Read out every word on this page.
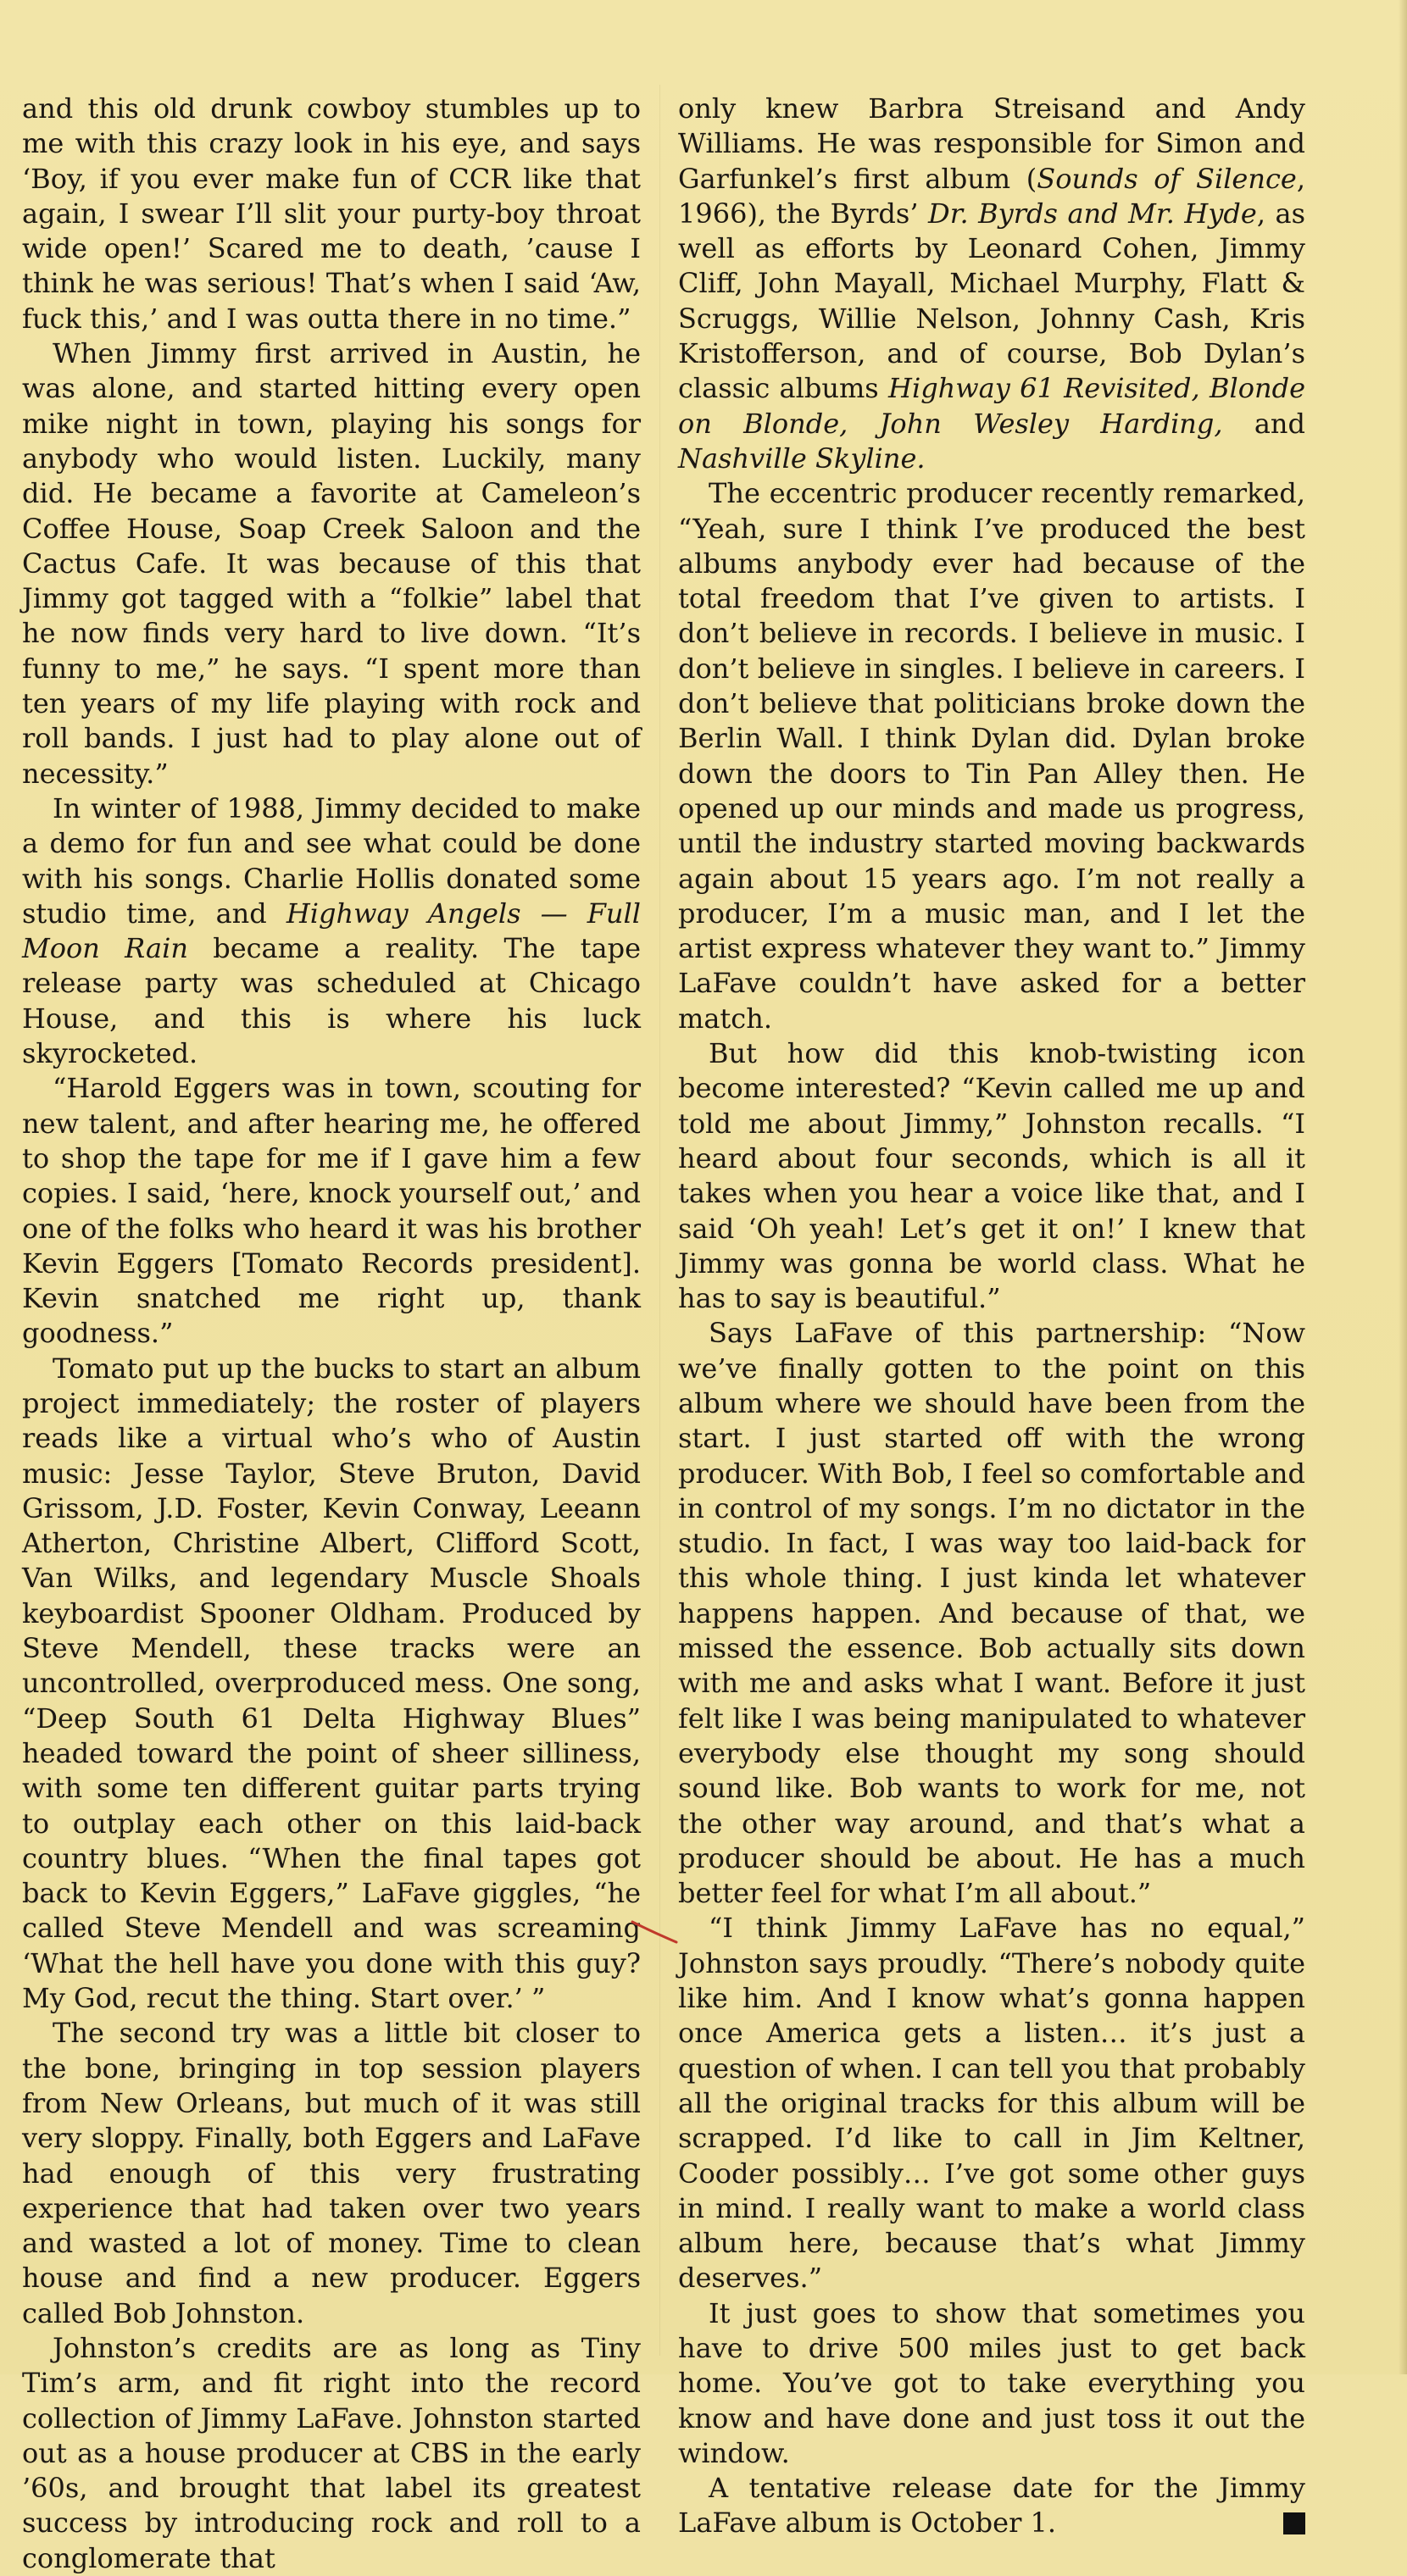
and this old drunk cowboy stumbles up to me with this crazy look in his eye, and says ‘Boy, if you ever make fun of CCR like that again, I swear I’ll slit your purty-boy throat wide open!’ Scared me to death, ’cause I think he was serious! That’s when I said ‘Aw, fuck this,’ and I was outta there in no time.”

When Jimmy first arrived in Austin, he was alone, and started hitting every open mike night in town, playing his songs for anybody who would listen. Luckily, many did. He became a favorite at Cameleon’s Coffee House, Soap Creek Saloon and the Cactus Cafe. It was because of this that Jimmy got tagged with a “folkie” label that he now finds very hard to live down. “It’s funny to me,” he says. “I spent more than ten years of my life playing with rock and roll bands. I just had to play alone out of necessity.”

In winter of 1988, Jimmy decided to make a demo for fun and see what could be done with his songs. Charlie Hollis donated some studio time, and Highway Angels — Full Moon Rain became a reality. The tape release party was scheduled at Chicago House, and this is where his luck skyrocketed.

“Harold Eggers was in town, scouting for new talent, and after hearing me, he offered to shop the tape for me if I gave him a few copies. I said, ‘here, knock yourself out,’ and one of the folks who heard it was his brother Kevin Eggers [Tomato Records president]. Kevin snatched me right up, thank goodness.”

Tomato put up the bucks to start an album project immediately; the roster of players reads like a virtual who’s who of Austin music: Jesse Taylor, Steve Bruton, David Grissom, J.D. Foster, Kevin Conway, Leeann Atherton, Christine Albert, Clifford Scott, Van Wilks, and legendary Muscle Shoals keyboardist Spooner Oldham. Produced by Steve Mendell, these tracks were an uncontrolled, overproduced mess. One song, “Deep South 61 Delta Highway Blues” headed toward the point of sheer silliness, with some ten different guitar parts trying to outplay each other on this laid-back country blues. “When the final tapes got back to Kevin Eggers,” LaFave giggles, “he called Steve Mendell and was screaming ‘What the hell have you done with this guy? My God, recut the thing. Start over.’ ”

The second try was a little bit closer to the bone, bringing in top session players from New Orleans, but much of it was still very sloppy. Finally, both Eggers and LaFave had enough of this very frustrating experience that had taken over two years and wasted a lot of money. Time to clean house and find a new producer. Eggers called Bob Johnston.

Johnston’s credits are as long as Tiny Tim’s arm, and fit right into the record collection of Jimmy LaFave. Johnston started out as a house producer at CBS in the early ’60s, and brought that label its greatest success by introducing rock and roll to a conglomerate that

only knew Barbra Streisand and Andy Williams. He was responsible for Simon and Garfunkel’s first album (Sounds of Silence, 1966), the Byrds’ Dr. Byrds and Mr. Hyde, as well as efforts by Leonard Cohen, Jimmy Cliff, John Mayall, Michael Murphy, Flatt & Scruggs, Willie Nelson, Johnny Cash, Kris Kristofferson, and of course, Bob Dylan’s classic albums Highway 61 Revisited, Blonde on Blonde, John Wesley Harding, and Nashville Skyline.

The eccentric producer recently remarked, “Yeah, sure I think I’ve produced the best albums anybody ever had because of the total freedom that I’ve given to artists. I don’t believe in records. I believe in music. I don’t believe in singles. I believe in careers. I don’t believe that politicians broke down the Berlin Wall. I think Dylan did. Dylan broke down the doors to Tin Pan Alley then. He opened up our minds and made us progress, until the industry started moving backwards again about 15 years ago. I’m not really a producer, I’m a music man, and I let the artist express whatever they want to.” Jimmy LaFave couldn’t have asked for a better match.

But how did this knob-twisting icon become interested? “Kevin called me up and told me about Jimmy,” Johnston recalls. “I heard about four seconds, which is all it takes when you hear a voice like that, and I said ‘Oh yeah! Let’s get it on!’ I knew that Jimmy was gonna be world class. What he has to say is beautiful.”

Says LaFave of this partnership: “Now we’ve finally gotten to the point on this album where we should have been from the start. I just started off with the wrong producer. With Bob, I feel so comfortable and in control of my songs. I’m no dictator in the studio. In fact, I was way too laid-back for this whole thing. I just kinda let whatever happens happen. And because of that, we missed the essence. Bob actually sits down with me and asks what I want. Before it just felt like I was being manipulated to whatever everybody else thought my song should sound like. Bob wants to work for me, not the other way around, and that’s what a producer should be about. He has a much better feel for what I’m all about.”

“I think Jimmy LaFave has no equal,” Johnston says proudly. “There’s nobody quite like him. And I know what’s gonna happen once America gets a listen… it’s just a question of when. I can tell you that probably all the original tracks for this album will be scrapped. I’d like to call in Jim Keltner, Cooder possibly… I’ve got some other guys in mind. I really want to make a world class album here, because that’s what Jimmy deserves.”

It just goes to show that sometimes you have to drive 500 miles just to get back home. You’ve got to take everything you know and have done and just toss it out the window.

A tentative release date for the Jimmy LaFave album is October 1.
